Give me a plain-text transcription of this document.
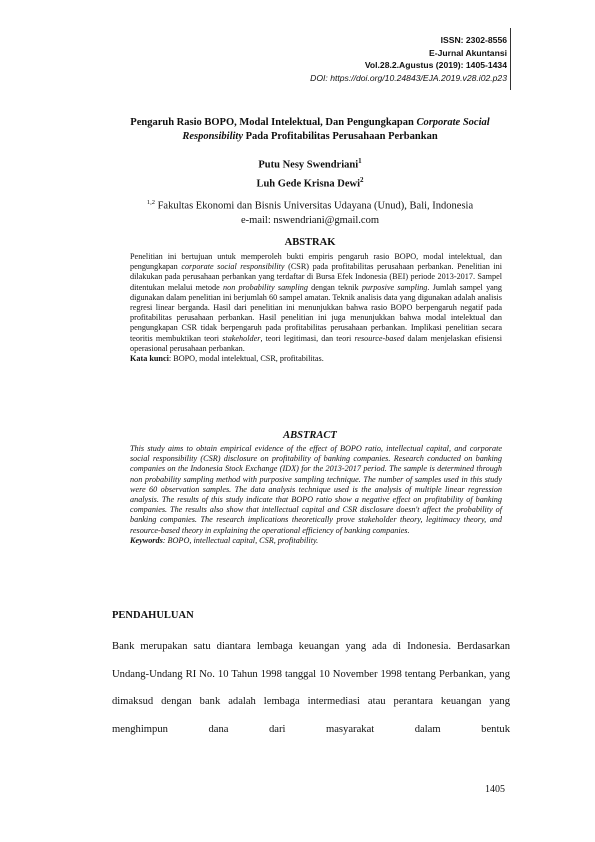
ISSN: 2302-8556
E-Jurnal Akuntansi
Vol.28.2.Agustus (2019): 1405-1434
DOI: https://doi.org/10.24843/EJA.2019.v28.i02.p23
Pengaruh Rasio BOPO, Modal Intelektual, Dan Pengungkapan Corporate Social Responsibility Pada Profitabilitas Perusahaan Perbankan
Putu Nesy Swendriani$^1$
Luh Gede Krisna Dewi$^2$
$^{1,2}$ Fakultas Ekonomi dan Bisnis Universitas Udayana (Unud), Bali, Indonesia
e-mail: nswendriani@gmail.com
ABSTRAK

Penelitian ini bertujuan untuk memperoleh bukti empiris pengaruh rasio BOPO, modal intelektual, dan pengungkapan corporate social responsibility (CSR) pada profitabilitas perusahaan perbankan. Penelitian ini dilakukan pada perusahaan perbankan yang terdaftar di Bursa Efek Indonesia (BEI) periode 2013-2017. Sampel ditentukan melalui metode non probability sampling dengan teknik purposive sampling. Jumlah sampel yang digunakan dalam penelitian ini berjumlah 60 sampel amatan. Teknik analisis data yang digunakan adalah analisis regresi linear berganda. Hasil dari penelitian ini menunjukkan bahwa rasio BOPO berpengaruh negatif pada profitabilitas perusahaan perbankan. Hasil penelitian ini juga menunjukkan bahwa modal intelektual dan pengungkapan CSR tidak berpengaruh pada profitabilitas perusahaan perbankan. Implikasi penelitian secara teoritis membuktikan teori stakeholder, teori legitimasi, dan teori resource-based dalam menjelaskan efisiensi operasional perusahaan perbankan.

Kata kunci: BOPO, modal intelektual, CSR, profitabilitas.

ABSTRACT

This study aims to obtain empirical evidence of the effect of BOPO ratio, intellectual capital, and corporate social responsibility (CSR) disclosure on profitability of banking companies. Research conducted on banking companies on the Indonesia Stock Exchange (IDX) for the 2013-2017 period. The sample is determined through non probability sampling method with purposive sampling technique. The number of samples used in this study were 60 observation samples. The data analysis technique used is the analysis of multiple linear regression analysis. The results of this study indicate that BOPO ratio show a negative effect on profitability of banking companies. The results also show that intellectual capital and CSR disclosure doesn't affect the probability of banking companies. The research implications theoretically prove stakeholder theory, legitimacy theory, and resource-based theory in explaining the operational efficiency of banking companies.

Keywords: BOPO, intellectual capital, CSR, profitability.

PENDAHULUAN
Bank merupakan satu diantara lembaga keuangan yang ada di Indonesia. Berdasarkan Undang-Undang RI No. 10 Tahun 1998 tanggal 10 November 1998 tentang Perbankan, yang dimaksud dengan bank adalah lembaga intermediasi atau perantara keuangan yang menghimpun dana dari masyarakat dalam bentuk
1405
